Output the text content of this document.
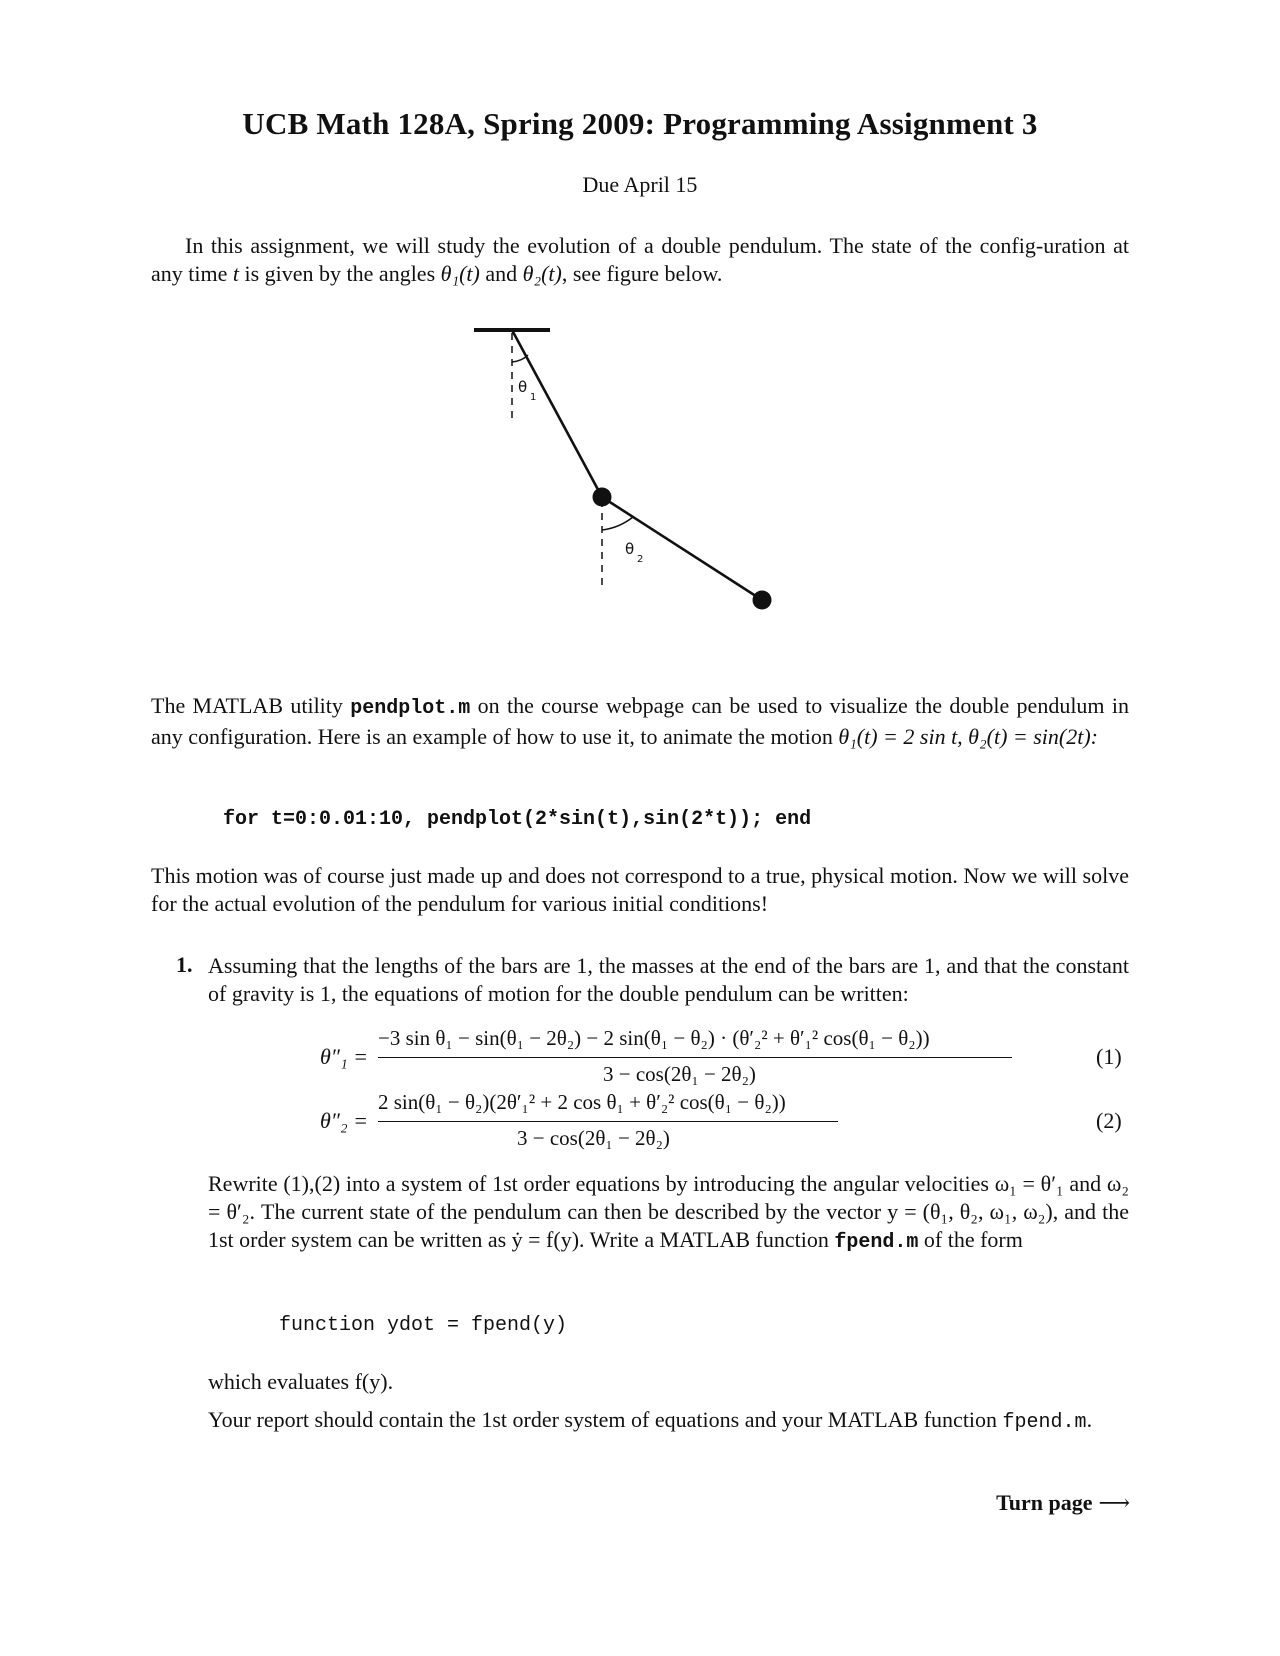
UCB Math 128A, Spring 2009: Programming Assignment 3
Due April 15
In this assignment, we will study the evolution of a double pendulum. The state of the config-uration at any time t is given by the angles θ₁(t) and θ₂(t), see figure below.
θ
1
θ
2
The MATLAB utility pendplot.m on the course webpage can be used to visualize the double pendulum in any configuration. Here is an example of how to use it, to animate the motion θ₁(t) = 2 sin t, θ₂(t) = sin(2t):
for t=0:0.01:10, pendplot(2*sin(t),sin(2*t)); end
This motion was of course just made up and does not correspond to a true, physical motion. Now we will solve for the actual evolution of the pendulum for various initial conditions!
1. Assuming that the lengths of the bars are 1, the masses at the end of the bars are 1, and that the constant of gravity is 1, the equations of motion for the double pendulum can be written:
θ″₁ =
−3 sin θ₁ − sin(θ₁ − 2θ₂) − 2 sin(θ₁ − θ₂) · (θ′₂² + θ′₁² cos(θ₁ − θ₂))
3 − cos(2θ₁ − 2θ₂)
(1)
θ″₂ =
2 sin(θ₁ − θ₂)(2θ′₁² + 2 cos θ₁ + θ′₂² cos(θ₁ − θ₂))
3 − cos(2θ₁ − 2θ₂)
(2)
Rewrite (1),(2) into a system of 1st order equations by introducing the angular velocities ω₁ = θ′₁ and ω₂ = θ′₂. The current state of the pendulum can then be described by the vector y = (θ₁, θ₂, ω₁, ω₂), and the 1st order system can be written as ẏ = f(y). Write a MATLAB function fpend.m of the form
function ydot = fpend(y)
which evaluates f(y).
Your report should contain the 1st order system of equations and your MATLAB function fpend.m.
Turn page ⟶
